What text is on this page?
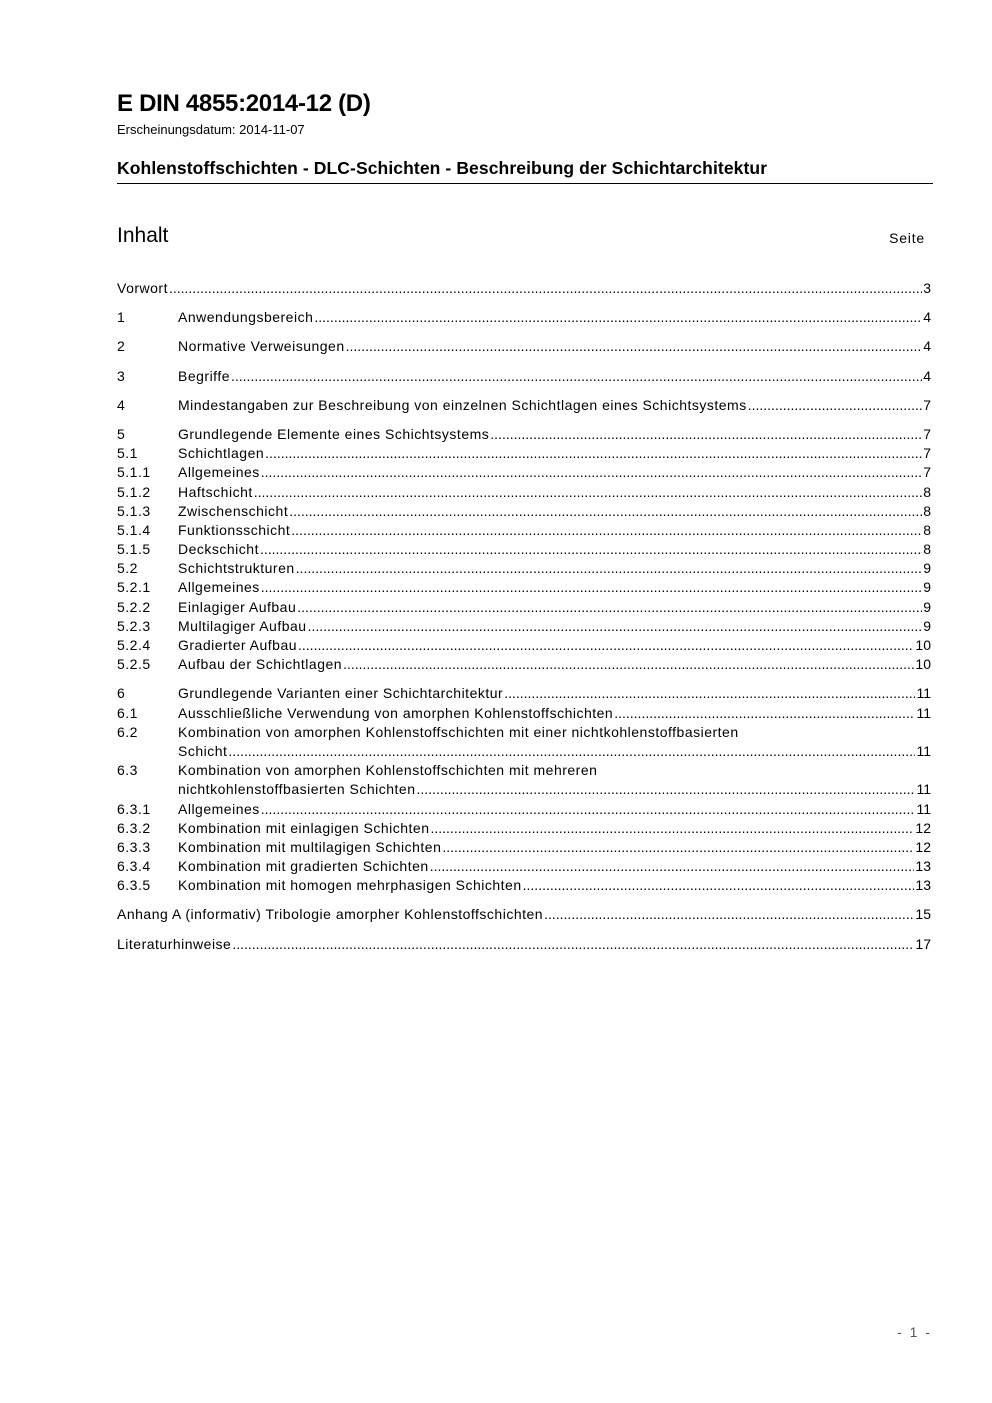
E DIN 4855:2014-12 (D)
Erscheinungsdatum: 2014-11-07
Kohlenstoffschichten - DLC-Schichten - Beschreibung der Schichtarchitektur
Inhalt	Seite
Vorwort .....	3
1	Anwendungsbereich .....	4
2	Normative Verweisungen .....	4
3	Begriffe .....	4
4	Mindestangaben zur Beschreibung von einzelnen Schichtlagen eines Schichtsystems .....	7
5	Grundlegende Elemente eines Schichtsystems .....	7
5.1	Schichtlagen .....	7
5.1.1 Allgemeines .....	7
5.1.2 Haftschicht .....	8
5.1.3 Zwischenschicht .....	8
5.1.4 Funktionsschicht .....	8
5.1.5 Deckschicht .....	8
5.2	Schichtstrukturen .....	9
5.2.1 Allgemeines .....	9
5.2.2 Einlagiger Aufbau .....	9
5.2.3 Multilagiger Aufbau .....	9
5.2.4 Gradierter Aufbau .....	10
5.2.5 Aufbau der Schichtlagen .....	10
6	Grundlegende Varianten einer Schichtarchitektur .....	11
6.1	Ausschließliche Verwendung von amorphen Kohlenstoffschichten .....	11
6.2	Kombination von amorphen Kohlenstoffschichten mit einer nichtkohlenstoffbasierten
Schicht .....	11
6.3	Kombination von amorphen Kohlenstoffschichten mit mehreren
nichtkohlenstoffbasierten Schichten .....	11
6.3.1 Allgemeines .....	11
6.3.2 Kombination mit einlagigen Schichten .....	12
6.3.3 Kombination mit multilagigen Schichten .....	12
6.3.4 Kombination mit gradierten Schichten .....	13
6.3.5 Kombination mit homogen mehrphasigen Schichten .....	13
Anhang A (informativ) Tribologie amorpher Kohlenstoffschichten .....	15
Literaturhinweise .....	17
- 1 -
